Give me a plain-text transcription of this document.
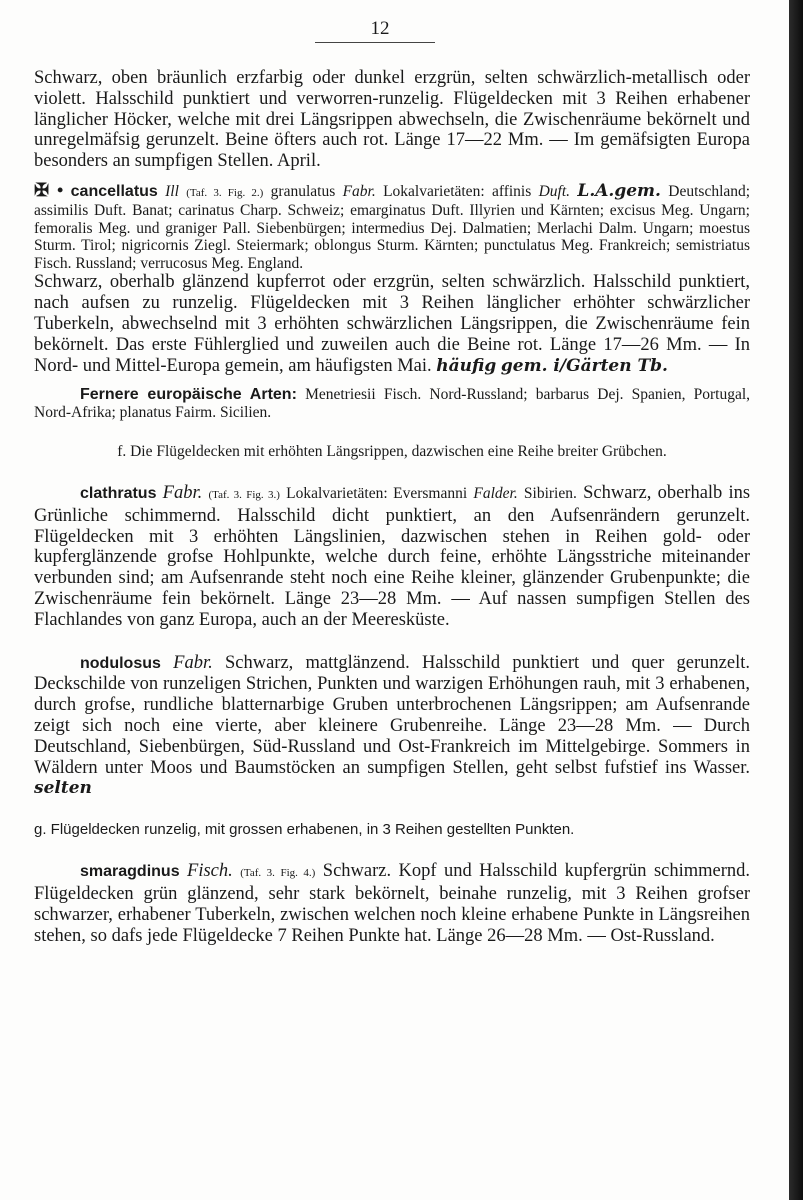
12

Schwarz, oben bräunlich erzfarbig oder dunkel erzgrün, selten schwärzlich-metallisch oder violett. Halsschild punktiert und verworren-runzelig. Flügeldecken mit 3 Reihen erhabener länglicher Höcker, welche mit drei Längsrippen abwechseln, die Zwischenräume bekörnelt und unregelmäfsig gerunzelt. Beine öfters auch rot. Länge 17—22 Mm. — Im gemäfsigten Europa besonders an sumpfigen Stellen. April.

✠ • cancellatus Ill (Taf. 3. Fig. 2.) granulatus Fabr. Lokalvarietäten: affinis Duft. L.A.gem. Deutschland; assimilis Duft. Banat; carinatus Charp. Schweiz; emarginatus Duft. Illyrien und Kärnten; excisus Meg. Ungarn; femoralis Meg. und graniger Pall. Siebenbürgen; intermedius Dej. Dalmatien; Merlachi Dalm. Ungarn; moestus Sturm. Tirol; nigricornis Ziegl. Steiermark; oblongus Sturm. Kärnten; punctulatus Meg. Frankreich; semistriatus Fisch. Russland; verrucosus Meg. England.

Schwarz, oberhalb glänzend kupferrot oder erzgrün, selten schwärzlich. Halsschild punktiert, nach aufsen zu runzelig. Flügeldecken mit 3 Reihen länglicher erhöhter schwärzlicher Tuberkeln, abwechselnd mit 3 erhöhten schwärzlichen Längsrippen, die Zwischenräume fein bekörnelt. Das erste Fühlerglied und zuweilen auch die Beine rot. Länge 17—26 Mm. — In Nord- und Mittel-Europa gemein, am häufigsten Mai. häufig gem. i/Gärten Tb.

Fernere europäische Arten: Menetriesii Fisch. Nord-Russland; barbarus Dej. Spanien, Portugal, Nord-Afrika; planatus Fairm. Sicilien.

f. Die Flügeldecken mit erhöhten Längsrippen, dazwischen eine Reihe breiter Grübchen.

clathratus Fabr. (Taf. 3. Fig. 3.) Lokalvarietäten: Eversmanni Falder. Sibirien. Schwarz, oberhalb ins Grünliche schimmernd. Halsschild dicht punktiert, an den Aufsenrändern gerunzelt. Flügeldecken mit 3 erhöhten Längslinien, dazwischen stehen in Reihen gold- oder kupferglänzende grofse Hohlpunkte, welche durch feine, erhöhte Längsstriche miteinander verbunden sind; am Aufsenrande steht noch eine Reihe kleiner, glänzender Grubenpunkte; die Zwischenräume fein bekörnelt. Länge 23—28 Mm. — Auf nassen sumpfigen Stellen des Flachlandes von ganz Europa, auch an der Meeresküste.

nodulosus Fabr. Schwarz, mattglänzend. Halsschild punktiert und quer gerunzelt. Deckschilde von runzeligen Strichen, Punkten und warzigen Erhöhungen rauh, mit 3 erhabenen, durch grofse, rundliche blatternarbige Gruben unterbrochenen Längsrippen; am Aufsenrande zeigt sich noch eine vierte, aber kleinere Grubenreihe. Länge 23—28 Mm. — Durch Deutschland, Siebenbürgen, Süd-Russland und Ost-Frankreich im Mittelgebirge. Sommers in Wäldern unter Moos und Baumstöcken an sumpfigen Stellen, geht selbst fufstief ins Wasser. selten

g. Flügeldecken runzelig, mit grossen erhabenen, in 3 Reihen gestellten Punkten.

smaragdinus Fisch. (Taf. 3. Fig. 4.) Schwarz. Kopf und Halsschild kupfergrün schimmernd. Flügeldecken grün glänzend, sehr stark bekörnelt, beinahe runzelig, mit 3 Reihen grofser schwarzer, erhabener Tuberkeln, zwischen welchen noch kleine erhabene Punkte in Längsreihen stehen, so dafs jede Flügeldecke 7 Reihen Punkte hat. Länge 26—28 Mm. — Ost-Russland.
